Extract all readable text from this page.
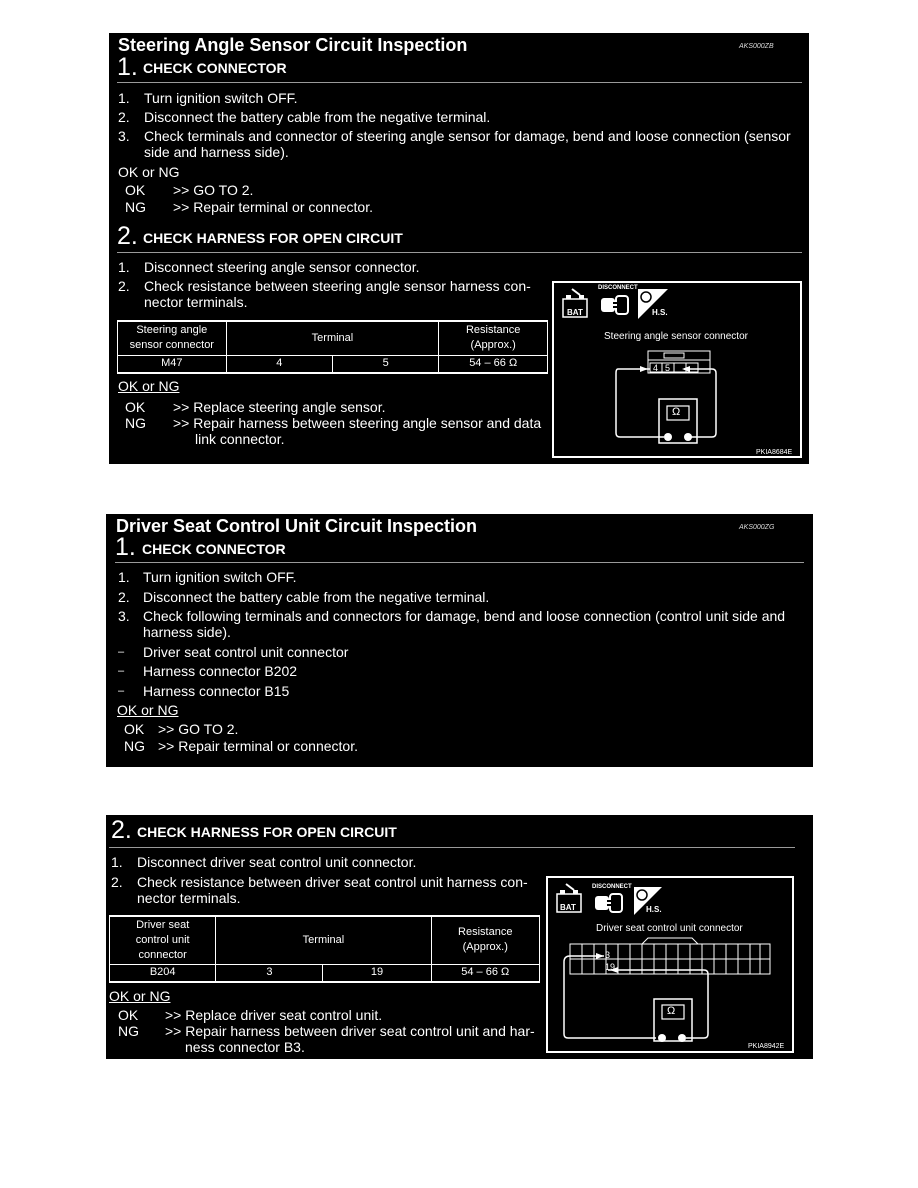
Steering Angle Sensor Circuit Inspection	AKS000ZB
1. CHECK CONNECTOR
1. Turn ignition switch OFF.
2. Disconnect the battery cable from the negative terminal.
3. Check terminals and connector of steering angle sensor for damage, bend and loose connection (sensor
side and harness side).
OK or NG
OK >> GO TO 2.
NG >> Repair terminal or connector.
2. CHECK HARNESS FOR OPEN CIRCUIT
1. Disconnect steering angle sensor connector.
2. Check resistance between steering angle sensor harness con-
nector terminals.
Steering angle
sensor connector	Terminal		Resistance
(Approx.)
M47	4	5	54 – 66 Ω
OK or NG
OK >> Replace steering angle sensor.
NG >> Repair harness between steering angle sensor and data
link connector.
BAT
DISCONNECT
H.S.
Steering angle sensor connector
4 5
Ω
PKIA8684E
Driver Seat Control Unit Circuit Inspection	AKS000ZG
1. CHECK CONNECTOR
1. Turn ignition switch OFF.
2. Disconnect the battery cable from the negative terminal.
3. Check following terminals and connectors for damage, bend and loose connection (control unit side and
harness side).
– Driver seat control unit connector
– Harness connector B202
– Harness connector B15
OK or NG
OK >> GO TO 2.
NG >> Repair terminal or connector.
2. CHECK HARNESS FOR OPEN CIRCUIT
1. Disconnect driver seat control unit connector.
2. Check resistance between driver seat control unit harness con-
nector terminals.
Driver seat
control unit
connector	Terminal		Resistance
(Approx.)
B204	3	19	54 – 66 Ω
OK or NG
OK >> Replace driver seat control unit.
NG >> Repair harness between driver seat control unit and har-
ness connector B3.
BAT
DISCONNECT
H.S.
Driver seat control unit connector
3
19
Ω
PKIA8942E
